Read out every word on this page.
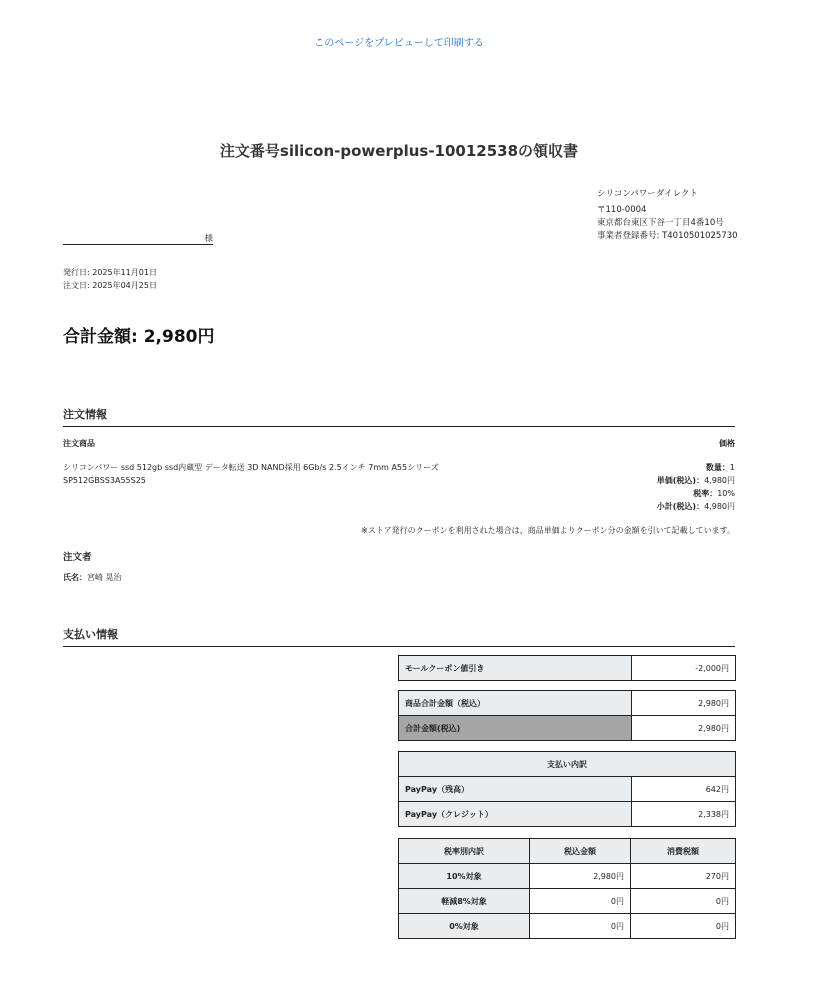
このページをプレビューして印刷する
注文番号silicon-powerplus-10012538の領収書
シリコンパワーダイレクト
〒110-0004
東京都台東区下谷一丁目4番10号
事業者登録番号: T4010501025730
様
発行日: 2025年11月01日
注文日: 2025年04月25日
合計金額: 2,980円
注文情報
注文商品	価格
シリコンパワー ssd 512gb ssd内蔵型 データ転送 3D NAND採用 6Gb/s 2.5インチ 7mm A55シリーズ
SP512GBSS3A55S25
数量：1
単価(税込)：4,980円
税率：10%
小計(税込)：4,980円
※ストア発行のクーポンを利用された場合は、商品単価よりクーポン分の金額を引いて記載しています。
注文者
氏名：宮崎 晃治
支払い情報
モールクーポン値引き	-2,000円
商品合計金額（税込）	2,980円
合計金額(税込)	2,980円
支払い内訳	
PayPay（残高）	642円
PayPay（クレジット）	2,338円
税率別内訳	税込金額	消費税額
10%対象	2,980円	270円
軽減8%対象	0円	0円
0%対象	0円	0円
